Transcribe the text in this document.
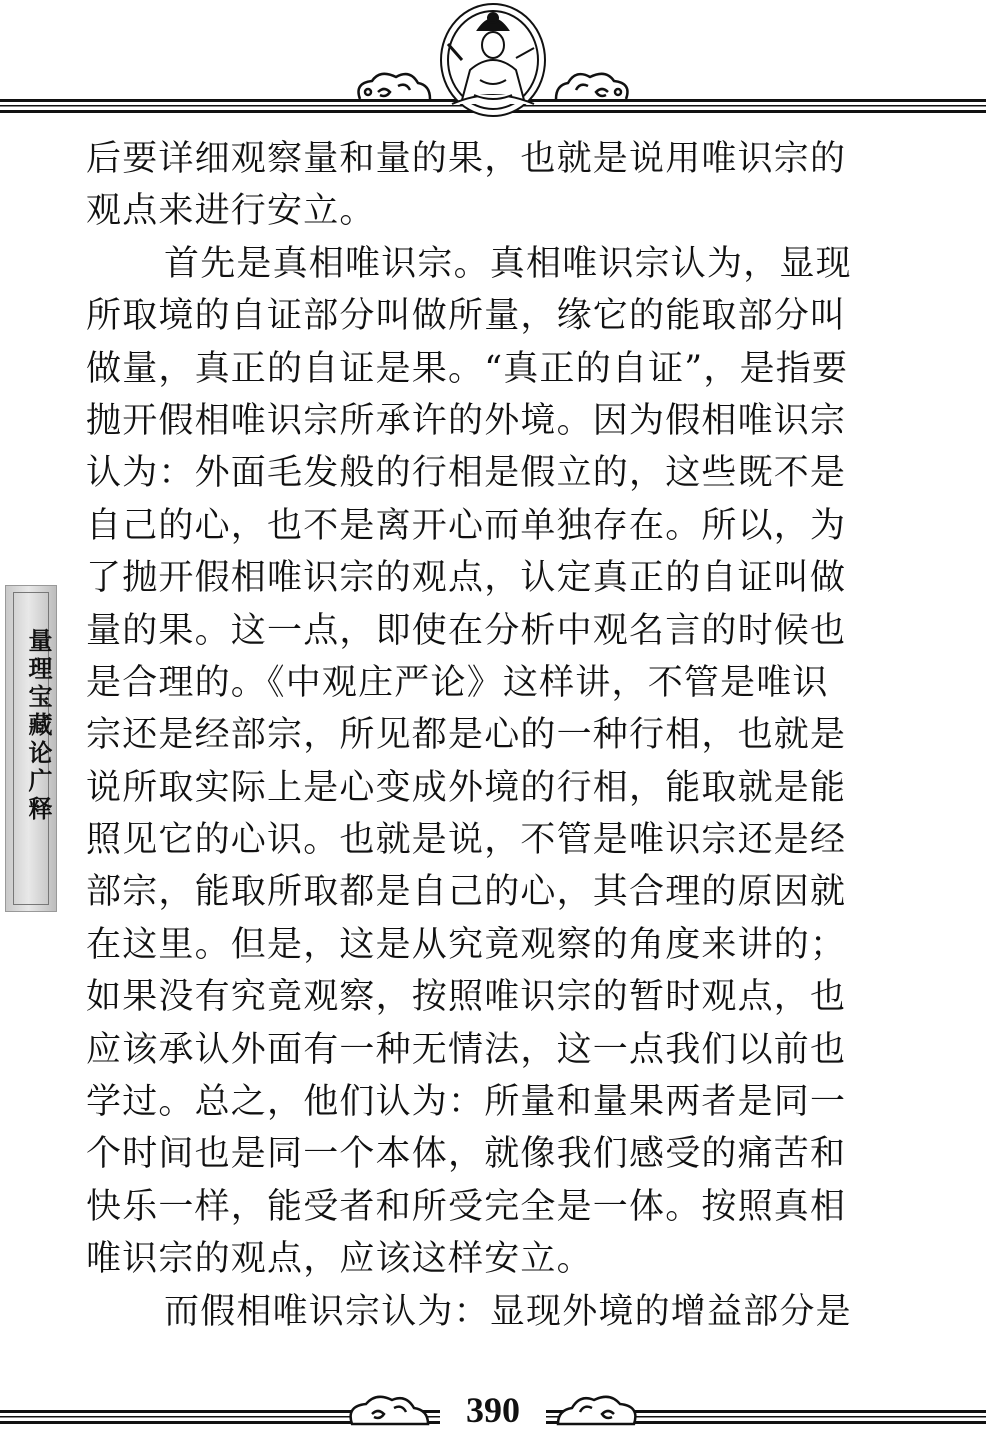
量理宝藏论广释
后要详细观察量和量的果，也就是说用唯识宗的
观点来进行安立。
首先是真相唯识宗。真相唯识宗认为，显现
所取境的自证部分叫做所量，缘它的能取部分叫
做量，真正的自证是果。“真正的自证”，是指要
抛开假相唯识宗所承许的外境。因为假相唯识宗
认为：外面毛发般的行相是假立的，这些既不是
自己的心，也不是离开心而单独存在。所以，为
了抛开假相唯识宗的观点，认定真正的自证叫做
量的果。这一点，即使在分析中观名言的时候也
是合理的。《中观庄严论》这样讲，不管是唯识
宗还是经部宗，所见都是心的一种行相，也就是
说所取实际上是心变成外境的行相，能取就是能
照见它的心识。也就是说，不管是唯识宗还是经
部宗，能取所取都是自己的心，其合理的原因就
在这里。但是，这是从究竟观察的角度来讲的；
如果没有究竟观察，按照唯识宗的暂时观点，也
应该承认外面有一种无情法，这一点我们以前也
学过。总之，他们认为：所量和量果两者是同一
个时间也是同一个本体，就像我们感受的痛苦和
快乐一样，能受者和所受完全是一体。按照真相
唯识宗的观点，应该这样安立。
而假相唯识宗认为：显现外境的增益部分是
390
